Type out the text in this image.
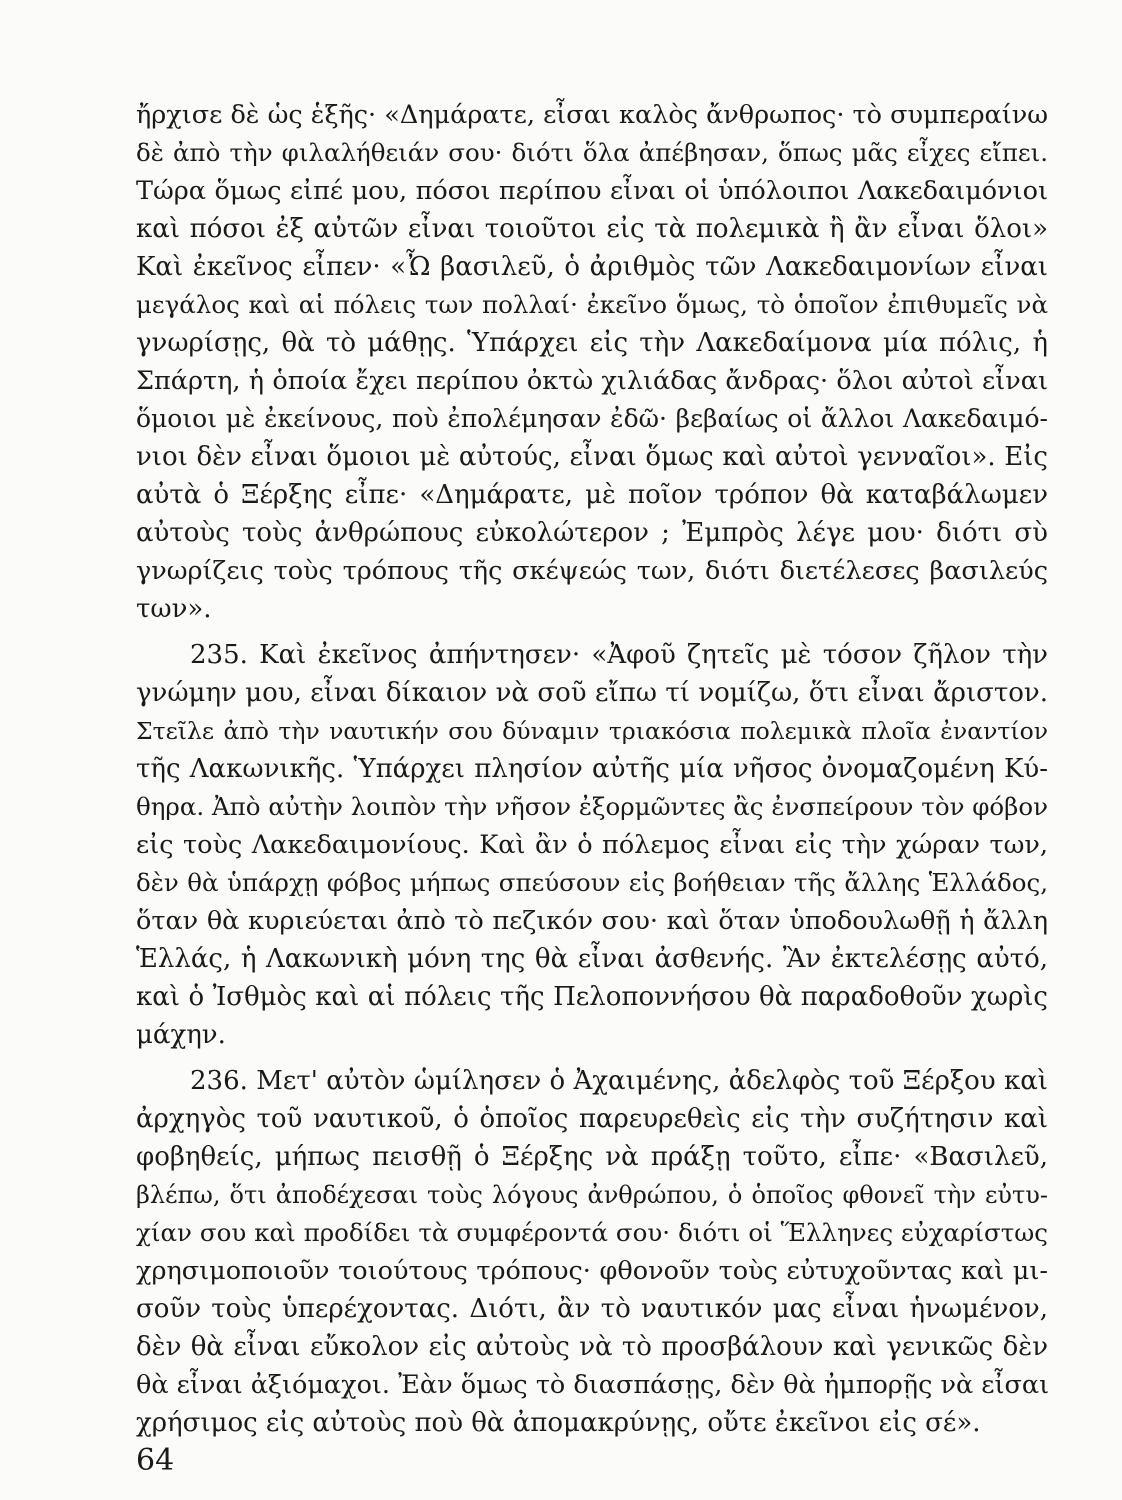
ἤρχισε δὲ ὡς ἑξῆς· «Δημάρατε, εἶσαι καλὸς ἄνθρωπος· τὸ συμπεραίνω
δὲ ἀπὸ τὴν φιλαλήθειάν σου· διότι ὅλα ἀπέβησαν, ὅπως μᾶς εἶχες εἴπει.
Τώρα ὅμως εἰπέ μου, πόσοι περίπου εἶναι οἱ ὑπόλοιποι Λακεδαιμόνιοι
καὶ πόσοι ἐξ αὐτῶν εἶναι τοιοῦτοι εἰς τὰ πολεμικὰ ἢ ἂν εἶναι ὅλοι»
Καὶ ἐκεῖνος εἶπεν· «Ὦ βασιλεῦ, ὁ ἀριθμὸς τῶν Λακεδαιμονίων εἶναι
μεγάλος καὶ αἱ πόλεις των πολλαί· ἐκεῖνο ὅμως, τὸ ὁποῖον ἐπιθυμεῖς νὰ
γνωρίσῃς, θὰ τὸ μάθῃς. Ὑπάρχει εἰς τὴν Λακεδαίμονα μία πόλις, ἡ
Σπάρτη, ἡ ὁποία ἔχει περίπου ὀκτὼ χιλιάδας ἄνδρας· ὅλοι αὐτοὶ εἶναι
ὅμοιοι μὲ ἐκείνους, ποὺ ἐπολέμησαν ἐδῶ· βεβαίως οἱ ἄλλοι Λακεδαιμό-
νιοι δὲν εἶναι ὅμοιοι μὲ αὐτούς, εἶναι ὅμως καὶ αὐτοὶ γενναῖοι». Εἰς
αὐτὰ ὁ Ξέρξης εἶπε· «Δημάρατε, μὲ ποῖον τρόπον θὰ καταβάλωμεν
αὐτοὺς τοὺς ἀνθρώπους εὐκολώτερον ; Ἐμπρὸς λέγε μου· διότι σὺ
γνωρίζεις τοὺς τρόπους τῆς σκέψεώς των, διότι διετέλεσες βασιλεύς
των».
235. Καὶ ἐκεῖνος ἀπήντησεν· «Ἀφοῦ ζητεῖς μὲ τόσον ζῆλον τὴν
γνώμην μου, εἶναι δίκαιον νὰ σοῦ εἴπω τί νομίζω, ὅτι εἶναι ἄριστον.
Στεῖλε ἀπὸ τὴν ναυτικήν σου δύναμιν τριακόσια πολεμικὰ πλοῖα ἐναντίον
τῆς Λακωνικῆς. Ὑπάρχει πλησίον αὐτῆς μία νῆσος ὀνομαζομένη Κύ-
θηρα. Ἀπὸ αὐτὴν λοιπὸν τὴν νῆσον ἐξορμῶντες ἂς ἐνσπείρουν τὸν φόβον
εἰς τοὺς Λακεδαιμονίους. Καὶ ἂν ὁ πόλεμος εἶναι εἰς τὴν χώραν των,
δὲν θὰ ὑπάρχῃ φόβος μήπως σπεύσουν εἰς βοήθειαν τῆς ἄλλης Ἑλλάδος,
ὅταν θὰ κυριεύεται ἀπὸ τὸ πεζικόν σου· καὶ ὅταν ὑποδουλωθῇ ἡ ἄλλη
Ἑλλάς, ἡ Λακωνικὴ μόνη της θὰ εἶναι ἀσθενής. Ἂν ἐκτελέσῃς αὐτό,
καὶ ὁ Ἰσθμὸς καὶ αἱ πόλεις τῆς Πελοποννήσου θὰ παραδοθοῦν χωρὶς
μάχην.
236. Μετ' αὐτὸν ὡμίλησεν ὁ Ἀχαιμένης, ἀδελφὸς τοῦ Ξέρξου καὶ
ἀρχηγὸς τοῦ ναυτικοῦ, ὁ ὁποῖος παρευρεθεὶς εἰς τὴν συζήτησιν καὶ
φοβηθείς, μήπως πεισθῇ ὁ Ξέρξης νὰ πράξῃ τοῦτο, εἶπε· «Βασιλεῦ,
βλέπω, ὅτι ἀποδέχεσαι τοὺς λόγους ἀνθρώπου, ὁ ὁποῖος φθονεῖ τὴν εὐτυ-
χίαν σου καὶ προδίδει τὰ συμφέροντά σου· διότι οἱ Ἕλληνες εὐχαρίστως
χρησιμοποιοῦν τοιούτους τρόπους· φθονοῦν τοὺς εὐτυχοῦντας καὶ μι-
σοῦν τοὺς ὑπερέχοντας. Διότι, ἂν τὸ ναυτικόν μας εἶναι ἡνωμένον,
δὲν θὰ εἶναι εὔκολον εἰς αὐτοὺς νὰ τὸ προσβάλουν καὶ γενικῶς δὲν
θὰ εἶναι ἀξιόμαχοι. Ἐὰν ὅμως τὸ διασπάσῃς, δὲν θὰ ἠμπορῇς νὰ εἶσαι
χρήσιμος εἰς αὐτοὺς ποὺ θὰ ἀπομακρύνῃς, οὔτε ἐκεῖνοι εἰς σέ».
64
